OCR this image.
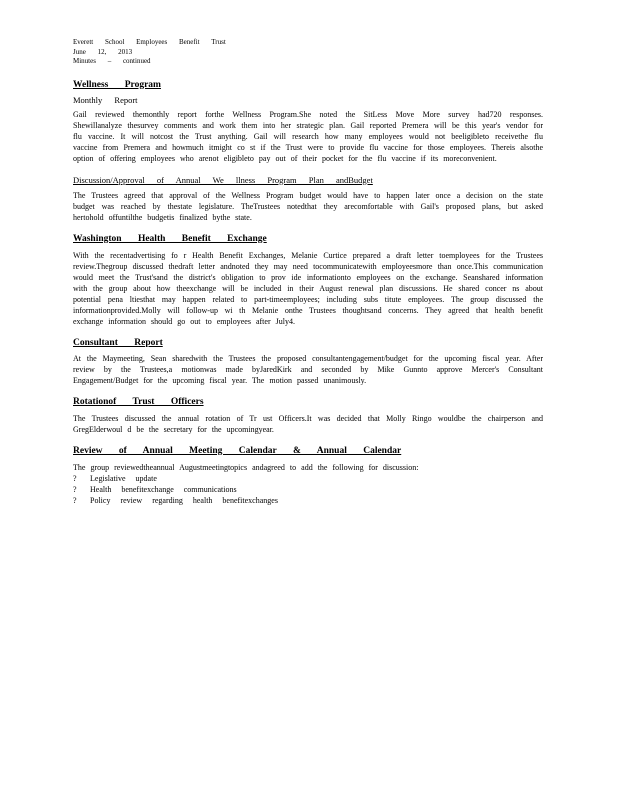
Everett School Employees Benefit Trust
June 12, 2013
Minutes – continued
Wellness Program
Monthly Report

Gail reviewed themonthly report forthe Wellness Program.She noted the SitLess Move More survey had720 responses. Shewillanalyze thesurvey comments and work them into her strategic plan. Gail reported Premera will be this year's vendor for flu vaccine. It will notcost the Trust anything. Gail will research how many employees would not beeligibleto receivethe flu vaccine from Premera and howmuch itmight co st if the Trust were to provide flu vaccine for those employees. Thereis alsothe option of offering employees who arenot eligibleto pay out of their pocket for the flu vaccine if its moreconvenient.

Discussion/Approval of Annual We llness Program Plan andBudget

The Trustees agreed that approval of the Wellness Program budget would have to happen later once a decision on the state budget was reached by thestate legislature. TheTrustees notedthat they arecomfortable with Gail's proposed plans, but asked hertohold offuntilthe budgetis finalized bythe state.

Washington Health Benefit Exchange

With the recentadvertising fo r Health Benefit Exchanges, Melanie Curtice prepared a draft letter toemployees for the Trustees review.Thegroup discussed thedraft letter andnoted they may need tocommunicatewith employeesmore than once.This communication would meet the Trust'sand the district's obligation to prov ide informationto employees on the exchange. Seanshared information with the group about how theexchange will be included in their August renewal plan discussions. He shared concer ns about potential pena ltiesthat may happen related to part-timeemployees; including subs titute employees. The group discussed the informationprovided.Molly will follow-up wi th Melanie onthe Trustees thoughtsand concerns. They agreed that health benefit exchange information should go out to employees after July4.

Consultant Report

At the Maymeeting, Sean sharedwith the Trustees the proposed consultantengagement/budget for the upcoming fiscal year. After review by the Trustees,a motionwas made byJaredKirk and seconded by Mike Gunnto approve Mercer's Consultant Engagement/Budget for the upcoming fiscal year. The motion passed unanimously.

Rotationof Trust Officers

The Trustees discussed the annual rotation of Tr ust Officers.It was decided that Molly Ringo wouldbe the chairperson and GregElderwoul d be the secretary for the upcomingyear.

Review of Annual Meeting Calendar & Annual Calendar

The group reviewedtheannual Augustmeetingtopics andagreed to add the following for discussion:

? Legislative update
? Health benefitexchange communications
? Policy review regarding health benefitexchanges
